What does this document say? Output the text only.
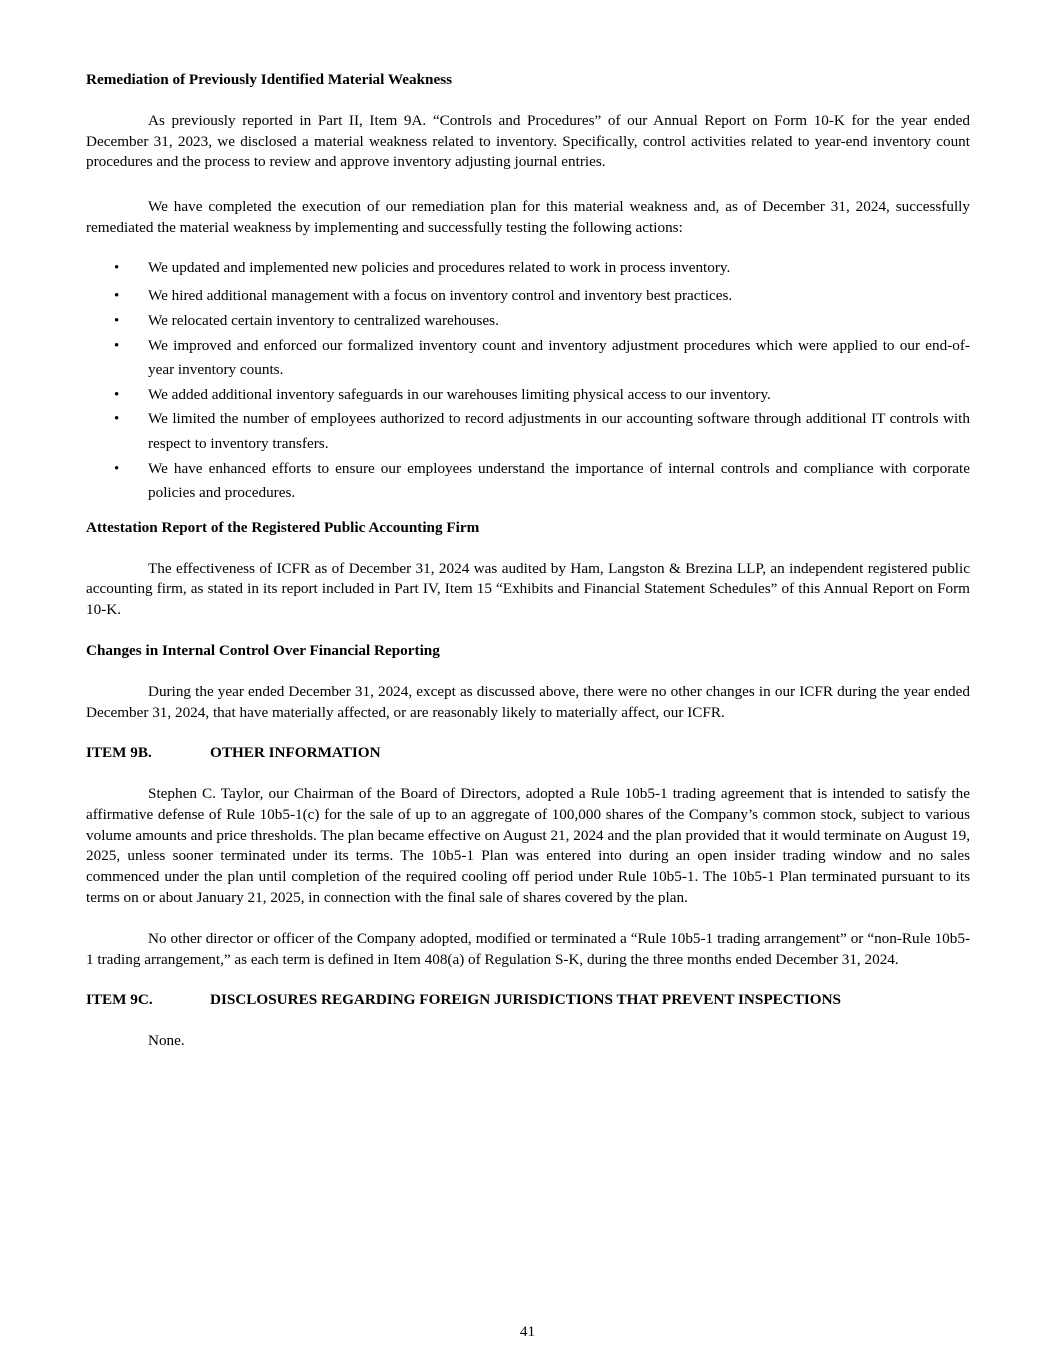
Remediation of Previously Identified Material Weakness

As previously reported in Part II, Item 9A. “Controls and Procedures” of our Annual Report on Form 10-K for the year ended December 31, 2023, we disclosed a material weakness related to inventory. Specifically, control activities related to year-end inventory count procedures and the process to review and approve inventory adjusting journal entries.

We have completed the execution of our remediation plan for this material weakness and, as of December 31, 2024, successfully remediated the material weakness by implementing and successfully testing the following actions:

• We updated and implemented new policies and procedures related to work in process inventory.
• We hired additional management with a focus on inventory control and inventory best practices.
• We relocated certain inventory to centralized warehouses.
• We improved and enforced our formalized inventory count and inventory adjustment procedures which were applied to our end-of-year inventory counts.
• We added additional inventory safeguards in our warehouses limiting physical access to our inventory.
• We limited the number of employees authorized to record adjustments in our accounting software through additional IT controls with respect to inventory transfers.
• We have enhanced efforts to ensure our employees understand the importance of internal controls and compliance with corporate policies and procedures.

Attestation Report of the Registered Public Accounting Firm

The effectiveness of ICFR as of December 31, 2024 was audited by Ham, Langston & Brezina LLP, an independent registered public accounting firm, as stated in its report included in Part IV, Item 15 “Exhibits and Financial Statement Schedules” of this Annual Report on Form 10-K.

Changes in Internal Control Over Financial Reporting

During the year ended December 31, 2024, except as discussed above, there were no other changes in our ICFR during the year ended December 31, 2024, that have materially affected, or are reasonably likely to materially affect, our ICFR.

ITEM 9B.	OTHER INFORMATION

Stephen C. Taylor, our Chairman of the Board of Directors, adopted a Rule 10b5-1 trading agreement that is intended to satisfy the affirmative defense of Rule 10b5-1(c) for the sale of up to an aggregate of 100,000 shares of the Company’s common stock, subject to various volume amounts and price thresholds. The plan became effective on August 21, 2024 and the plan provided that it would terminate on August 19, 2025, unless sooner terminated under its terms. The 10b5-1 Plan was entered into during an open insider trading window and no sales commenced under the plan until completion of the required cooling off period under Rule 10b5-1. The 10b5-1 Plan terminated pursuant to its terms on or about January 21, 2025, in connection with the final sale of shares covered by the plan.

No other director or officer of the Company adopted, modified or terminated a “Rule 10b5-1 trading arrangement” or “non-Rule 10b5-1 trading arrangement,” as each term is defined in Item 408(a) of Regulation S-K, during the three months ended December 31, 2024.

ITEM 9C.	DISCLOSURES REGARDING FOREIGN JURISDICTIONS THAT PREVENT INSPECTIONS

None.

41
